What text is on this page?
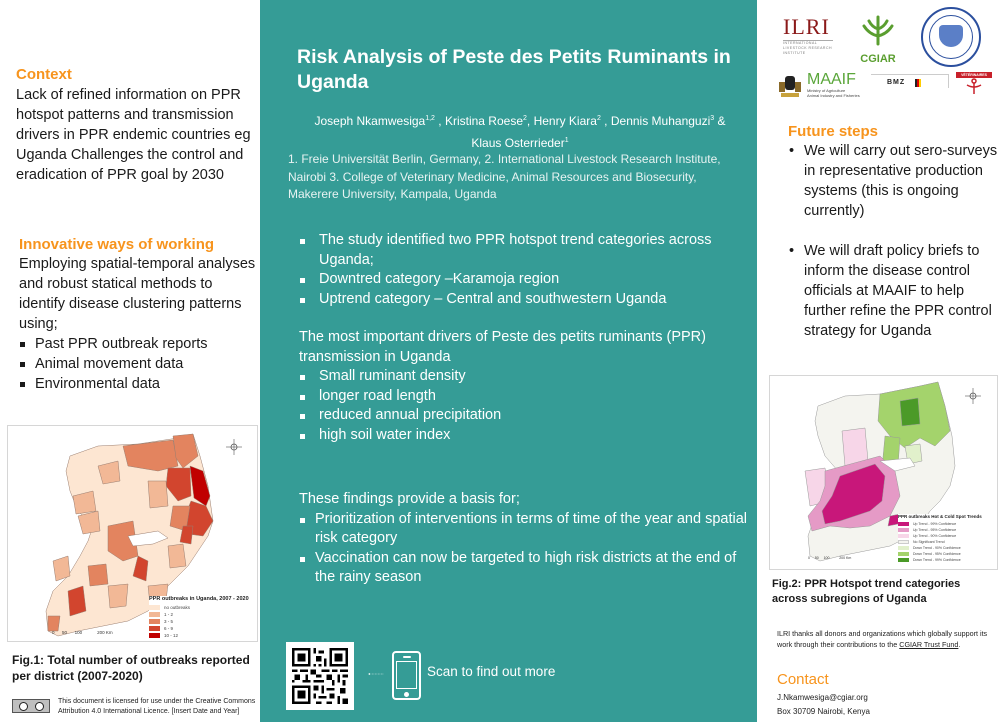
Context
Lack of refined information on PPR hotspot patterns and transmission drivers in PPR endemic countries eg Uganda Challenges the control and eradication of PPR goal by 2030
Innovative ways of working
Employing spatial-temporal analyses and robust statical methods to identify disease clustering patterns using;
Past PPR outbreak reports
Animal movement data
Environmental data
PPR outbreaks in Uganda, 2007 - 2020
no outbreaks
1 - 2
3 - 5
6 - 9
10 - 12
0 50 100	200 Km
Fig.1: Total number of outbreaks reported per district (2007-2020)
This document is licensed for use under the Creative Commons Attribution 4.0 International Licence. [Insert Date and Year]
Risk Analysis of Peste des Petits Ruminants in Uganda
Joseph Nkamwesiga$^{1,2}$ , Kristina Roese$^2$, Henry Kiara$^2$ , Dennis Muhanguzi$^3$ &
Klaus Osterrieder$^1$
1. Freie Universität Berlin, Germany, 2. International Livestock Research Institute, Nairobi 3. College of Veterinary Medicine, Animal Resources and Biosecurity, Makerere University, Kampala, Uganda
The study identified two PPR hotspot trend categories across Uganda;
Downtred category –Karamoja region
Uptrend category – Central and southwestern Uganda
The most important drivers of Peste des petits ruminants (PPR) transmission in Uganda
Small ruminant density
longer road length
reduced annual precipitation
high soil water index
These findings provide a basis for;
Prioritization of interventions in terms of time of the year and spatial risk category
Vaccination can now be targeted to high risk districts at the end of the rainy season
Scan to find out more
ILRI
INTERNATIONAL
LIVESTOCK RESEARCH
INSTITUTE	CGIAR
MAAIF
Ministry of Agriculture
Animal Industry and Fisheries
BMZ
VÉTÉRINAIRES
Future steps
• We will carry out sero-surveys in representative production systems (this is ongoing currently)
• We will draft policy briefs to inform the disease control officials at MAAIF to help further refine the PPR control strategy for Uganda
PPR outbreaks Hot & Cold Spot Trends
Up Trend - 99% Confidence
Up Trend - 95% Confidence
Up Trend - 90% Confidence
No Significant Trend
Down Trend - 90% Confidence
Down Trend - 95% Confidence
Down Trend - 99% Confidence
0 50 100	200 Km
Fig.2: PPR Hotspot trend categories across subregions of Uganda
ILRI thanks all donors and organizations which globally support its work through their contributions to the CGIAR Trust Fund.
Contact
J.Nkamwesiga@cgiar.org
Box 30709 Nairobi, Kenya
